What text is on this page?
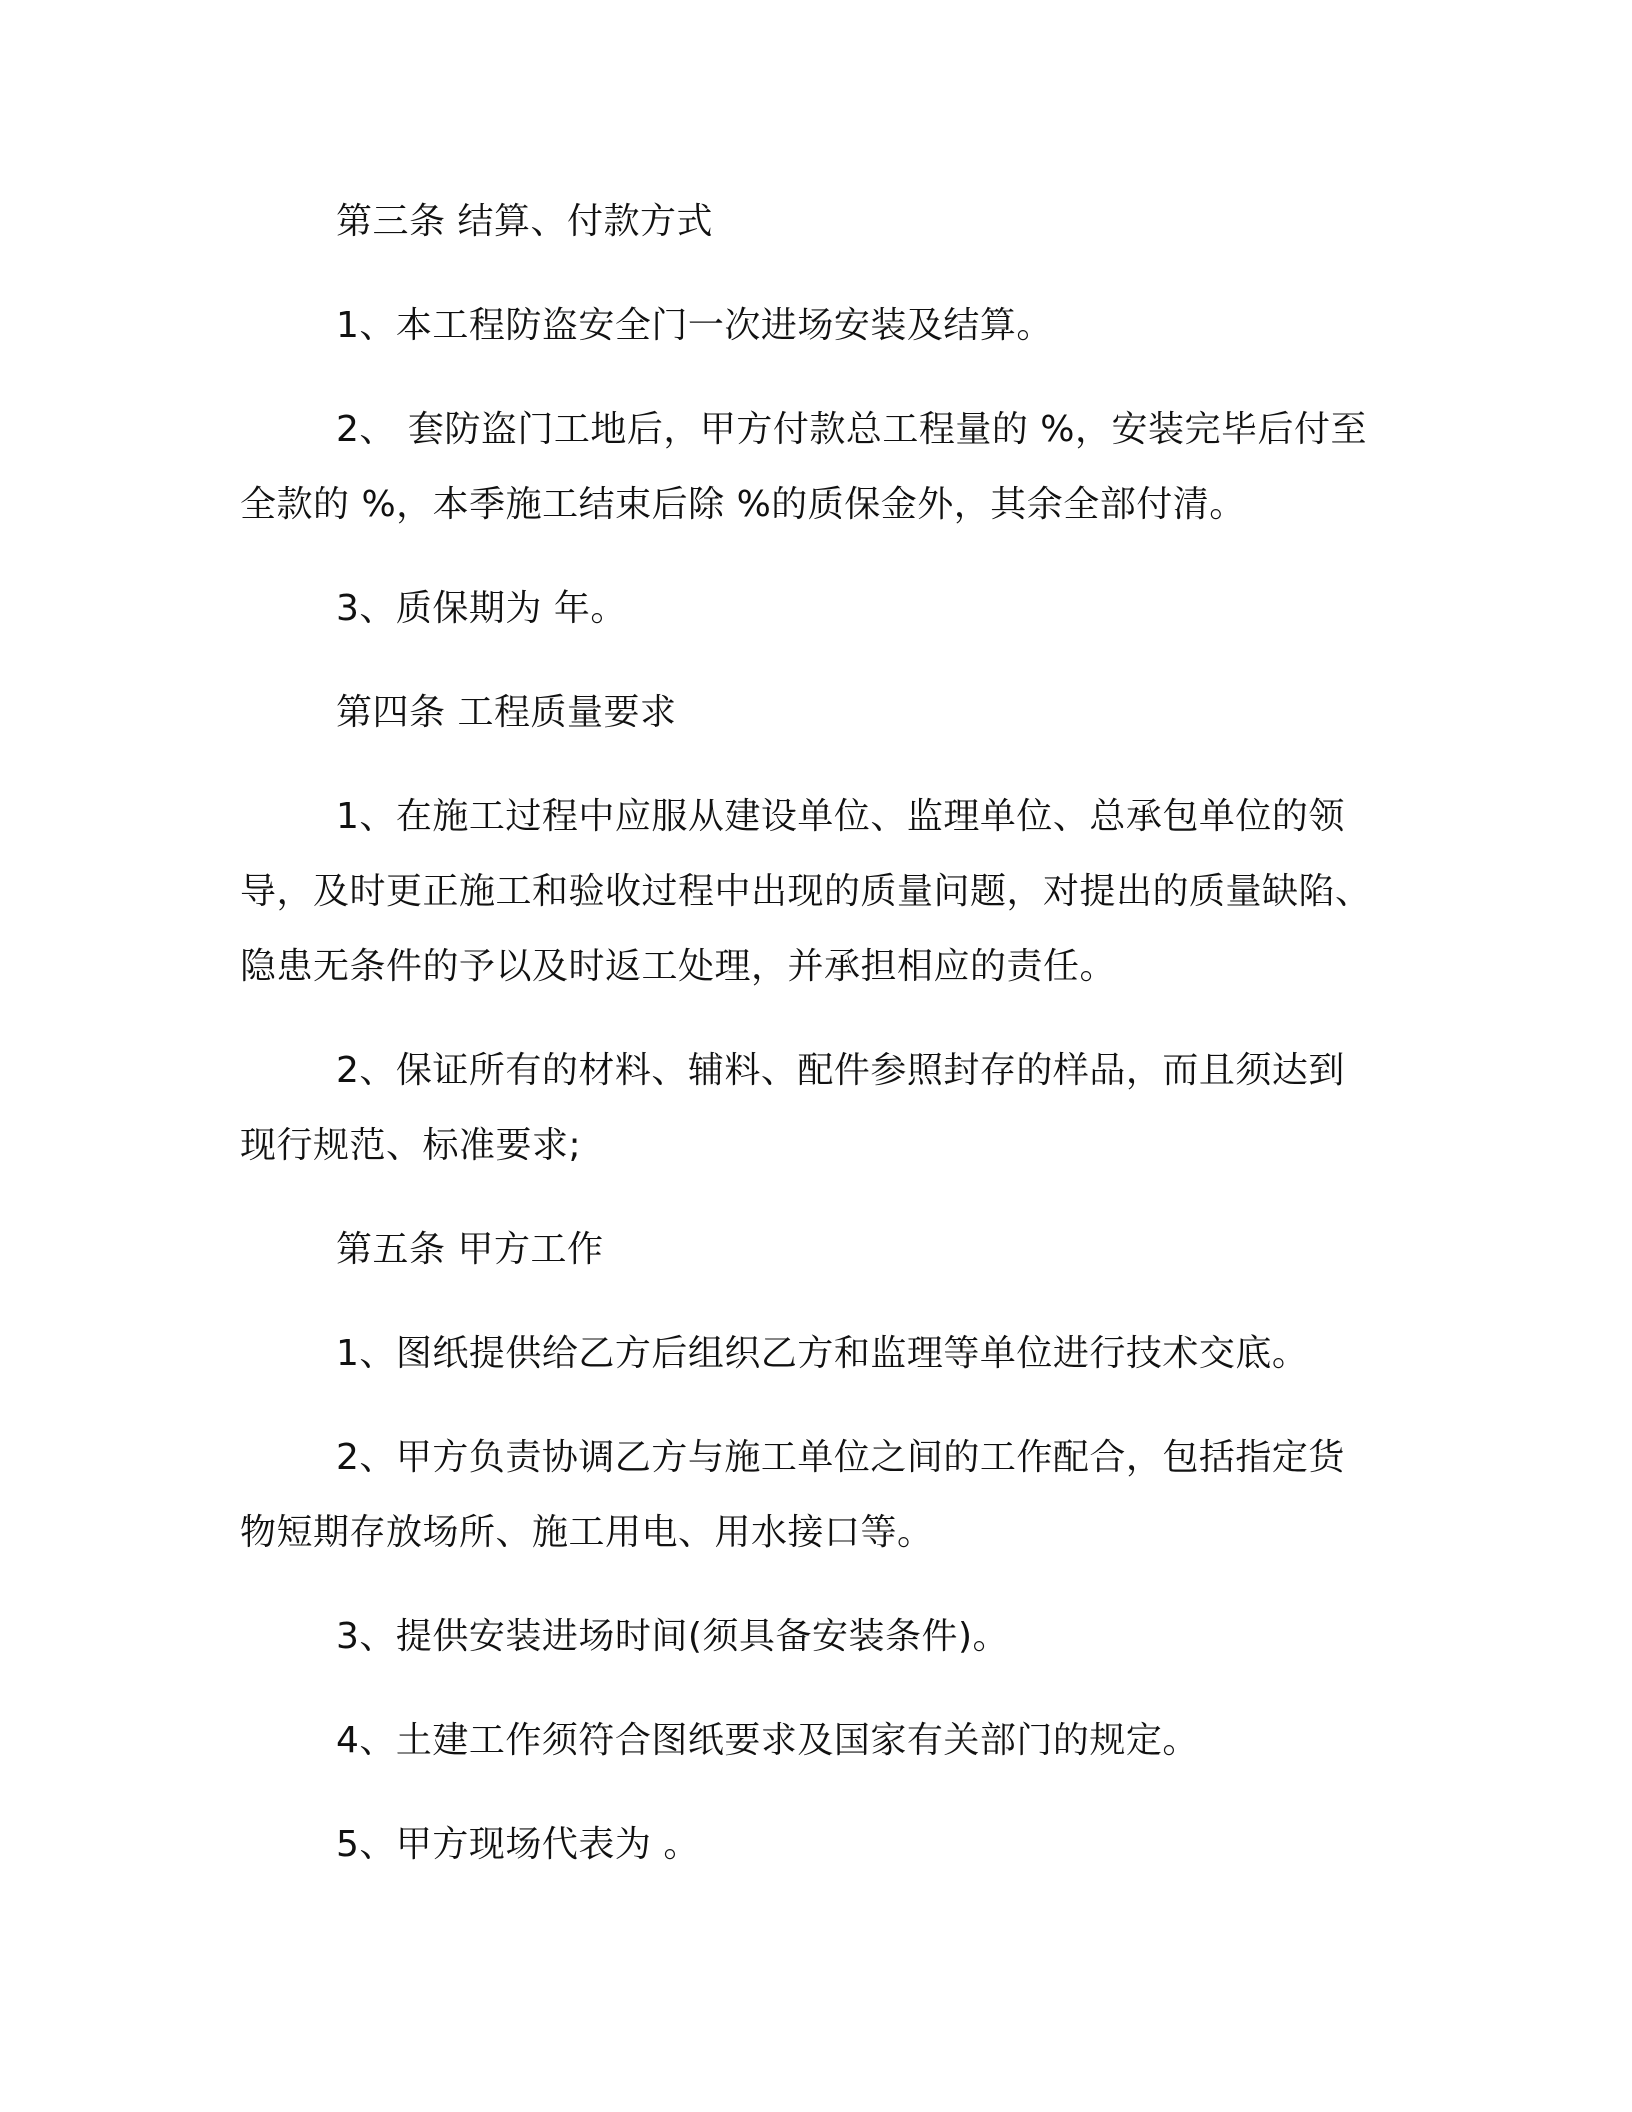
第三条 结算、付款方式

1、本工程防盗安全门一次进场安装及结算。

2、 套防盗门工地后，甲方付款总工程量的 %，安装完毕后付至全款的 %，本季施工结束后除 %的质保金外，其余全部付清。

3、质保期为 年。

第四条 工程质量要求

1、在施工过程中应服从建设单位、监理单位、总承包单位的领导，及时更正施工和验收过程中出现的质量问题，对提出的质量缺陷、隐患无条件的予以及时返工处理，并承担相应的责任。

2、保证所有的材料、辅料、配件参照封存的样品，而且须达到现行规范、标准要求;

第五条 甲方工作

1、图纸提供给乙方后组织乙方和监理等单位进行技术交底。

2、甲方负责协调乙方与施工单位之间的工作配合，包括指定货物短期存放场所、施工用电、用水接口等。

3、提供安装进场时间(须具备安装条件)。

4、土建工作须符合图纸要求及国家有关部门的规定。

5、甲方现场代表为 。
